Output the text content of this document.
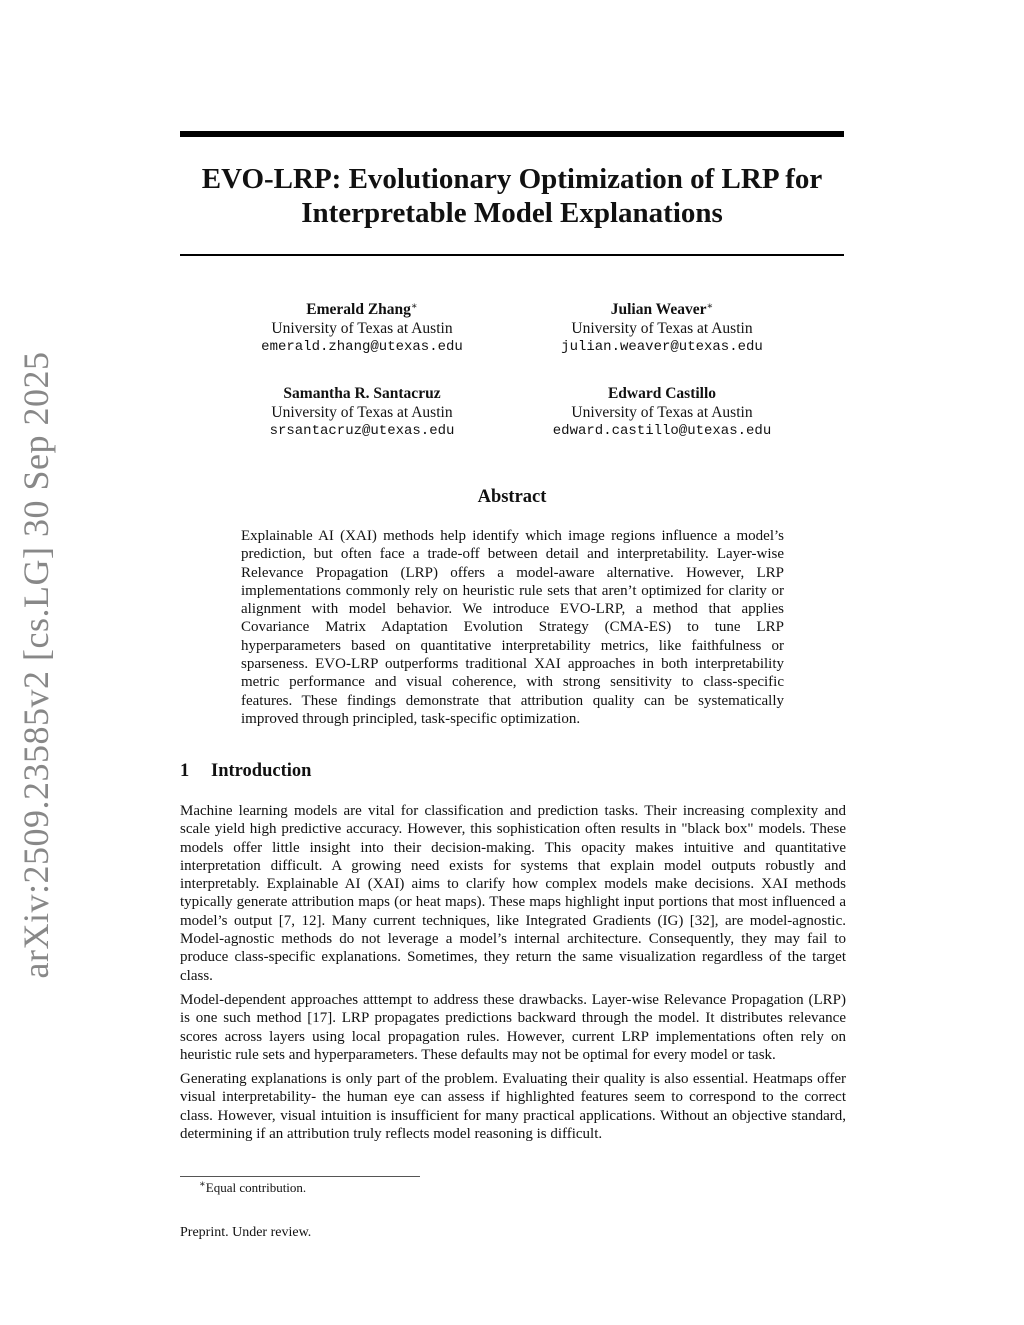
arXiv:2509.23585v2 [cs.LG] 30 Sep 2025
EVO-LRP: Evolutionary Optimization of LRP for Interpretable Model Explanations
Emerald Zhang∗
University of Texas at Austin
emerald.zhang@utexas.edu
Julian Weaver∗
University of Texas at Austin
julian.weaver@utexas.edu
Samantha R. Santacruz
University of Texas at Austin
srsantacruz@utexas.edu
Edward Castillo
University of Texas at Austin
edward.castillo@utexas.edu
Abstract

Explainable AI (XAI) methods help identify which image regions influence a model’s prediction, but often face a trade-off between detail and interpretability. Layer-wise Relevance Propagation (LRP) offers a model-aware alternative. However, LRP implementations commonly rely on heuristic rule sets that aren’t optimized for clarity or alignment with model behavior. We introduce EVO-LRP, a method that applies Covariance Matrix Adaptation Evolution Strategy (CMA-ES) to tune LRP hyperparameters based on quantitative interpretability metrics, like faithfulness or sparseness. EVO-LRP outperforms traditional XAI approaches in both interpretability metric performance and visual coherence, with strong sensitivity to class-specific features. These findings demonstrate that attribution quality can be systematically improved through principled, task-specific optimization.

1 Introduction

Machine learning models are vital for classification and prediction tasks. Their increasing complexity and scale yield high predictive accuracy. However, this sophistication often results in "black box" models. These models offer little insight into their decision-making. This opacity makes intuitive and quantitative interpretation difficult. A growing need exists for systems that explain model outputs robustly and interpretably. Explainable AI (XAI) aims to clarify how complex models make decisions. XAI methods typically generate attribution maps (or heat maps). These maps highlight input portions that most influenced a model’s output [7, 12]. Many current techniques, like Integrated Gradients (IG) [32], are model-agnostic. Model-agnostic methods do not leverage a model’s internal architecture. Consequently, they may fail to produce class-specific explanations. Sometimes, they return the same visualization regardless of the target class.

Model-dependent approaches atttempt to address these drawbacks. Layer-wise Relevance Propagation (LRP) is one such method [17]. LRP propagates predictions backward through the model. It distributes relevance scores across layers using local propagation rules. However, current LRP implementations often rely on heuristic rule sets and hyperparameters. These defaults may not be optimal for every model or task.

Generating explanations is only part of the problem. Evaluating their quality is also essential. Heatmaps offer visual interpretability- the human eye can assess if highlighted features seem to correspond to the correct class. However, visual intuition is insufficient for many practical applications. Without an objective standard, determining if an attribution truly reflects model reasoning is difficult.

∗Equal contribution.
Preprint. Under review.
